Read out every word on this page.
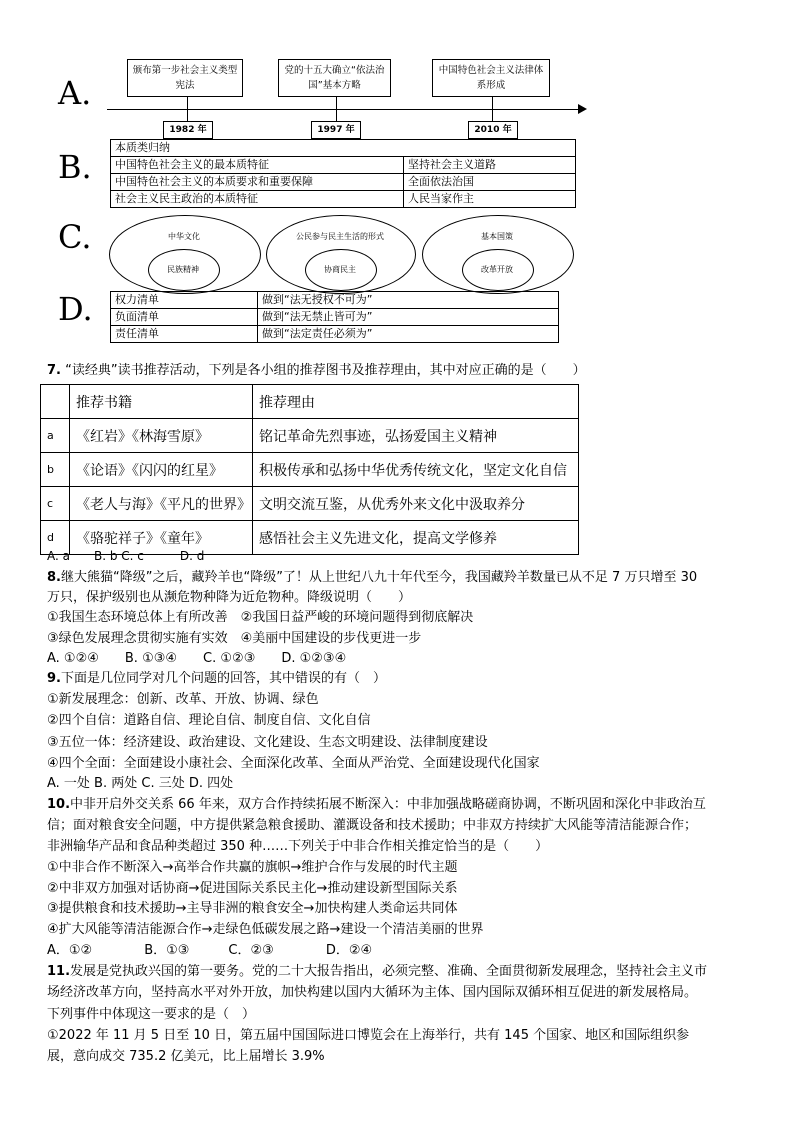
A.
颁布第一步社会主义类型宪法
1982 年
党的十五大确立“依法治国”基本方略
1997 年
中国特色社会主义法律体系形成
2010 年
B.
本质类归纳	
中国特色社会主义的最本质特征	坚持社会主义道路
中国特色社会主义的本质要求和重要保障	全面依法治国
社会主义民主政治的本质特征	人民当家作主
C.	中华文化
民族精神
公民参与民主生活的形式
协商民主
基本国策
改革开放
D. 权力清单	做到“法无授权不可为”
负面清单	做到“法无禁止皆可为”
责任清单	做到“法定责任必须为”
7. “读经典”读书推荐活动，下列是各小组的推荐图书及推荐理由，其中对应正确的是（　　）
	推荐书籍	推荐理由
a	《红岩》《林海雪原》	铭记革命先烈事迹，弘扬爱国主义精神
b	《论语》《闪闪的红星》	积极传承和弘扬中华优秀传统文化，坚定文化自信
c	《老人与海》《平凡的世界》	文明交流互鉴，从优秀外来文化中汲取养分
d	《骆驼祥子》《童年》	感悟社会主义先进文化，提高文学修养
A. a　　B. b C. c　　　D. d
8.继大熊猫“降级”之后，藏羚羊也“降级”了！从上世纪八九十年代至今，我国藏羚羊数量已从不足 7 万只增至 30
万只，保护级别也从濒危物种降为近危物种。降级说明（　　）
①我国生态环境总体上有所改善　②我国日益严峻的环境问题得到彻底解决
③绿色发展理念贯彻实施有实效　④美丽中国建设的步伐更进一步
A. ①②④　　B. ①③④　　C. ①②③　　D. ①②③④
9.下面是几位同学对几个问题的回答，其中错误的有（　）
①新发展理念：创新、改革、开放、协调、绿色
②四个自信：道路自信、理论自信、制度自信、文化自信
③五位一体：经济建设、政治建设、文化建设、生态文明建设、法律制度建设
④四个全面：全面建设小康社会、全面深化改革、全面从严治党、全面建设现代化国家
A. 一处 B. 两处 C. 三处 D. 四处
10.中非开启外交关系 66 年来，双方合作持续拓展不断深入：中非加强战略磋商协调，不断巩固和深化中非政治互
信；面对粮食安全问题，中方提供紧急粮食援助、灌溉设备和技术援助；中非双方持续扩大风能等清洁能源合作；
非洲输华产品和食品种类超过 350 种……下列关于中非合作相关推定恰当的是（　　）
①中非合作不断深入→高举合作共赢的旗帜→维护合作与发展的时代主题
②中非双方加强对话协商→促进国际关系民主化→推动建设新型国际关系
③提供粮食和技术援助→主导非洲的粮食安全→加快构建人类命运共同体
④扩大风能等清洁能源合作→走绿色低碳发展之路→建设一个清洁美丽的世界
A．①②　　　　B．①③　　　C．②③　　　　D．②④
11.发展是党执政兴国的第一要务。党的二十大报告指出，必须完整、准确、全面贯彻新发展理念，坚持社会主义市
场经济改革方向，坚持高水平对外开放，加快构建以国内大循环为主体、国内国际双循环相互促进的新发展格局。
下列事件中体现这一要求的是（　）
①2022 年 11 月 5 日至 10 日，第五届中国国际进口博览会在上海举行，共有 145 个国家、地区和国际组织参
展，意向成交 735.2 亿美元，比上届增长 3.9%
